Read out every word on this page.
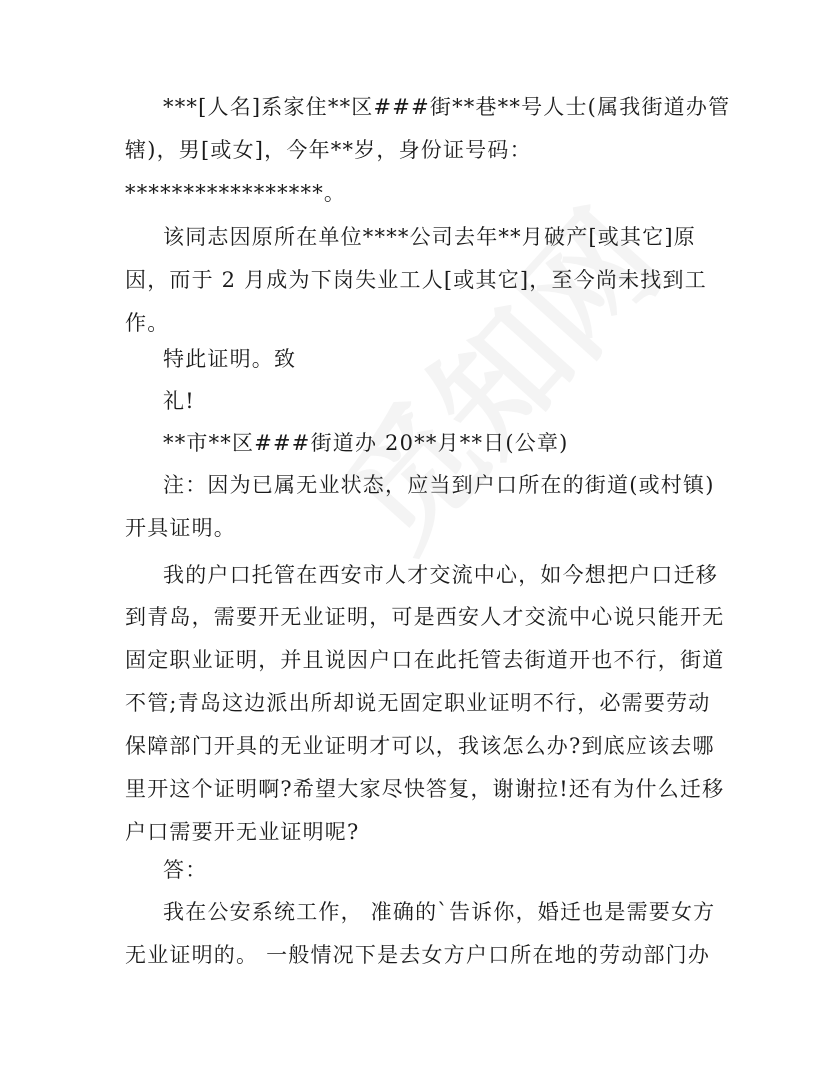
***[人名]系家住**区###街**巷**号人士(属我街道办管
辖)，男[或女]，今年**岁，身份证号码：
*****************。
该同志因原所在单位****公司去年**月破产[或其它]原
因，而于 2 月成为下岗失业工人[或其它]，至今尚未找到工
作。
特此证明。致
礼!
**市**区###街道办 20**月**日(公章)
注：因为已属无业状态，应当到户口所在的街道(或村镇)
开具证明。
我的户口托管在西安市人才交流中心，如今想把户口迁移
到青岛，需要开无业证明，可是西安人才交流中心说只能开无
固定职业证明，并且说因户口在此托管去街道开也不行，街道
不管;青岛这边派出所却说无固定职业证明不行，必需要劳动
保障部门开具的无业证明才可以，我该怎么办?到底应该去哪
里开这个证明啊?希望大家尽快答复，谢谢拉!还有为什么迁移
户口需要开无业证明呢?
答：
我在公安系统工作， 准确的`告诉你，婚迁也是需要女方
无业证明的。 一般情况下是去女方户口所在地的劳动部门办
